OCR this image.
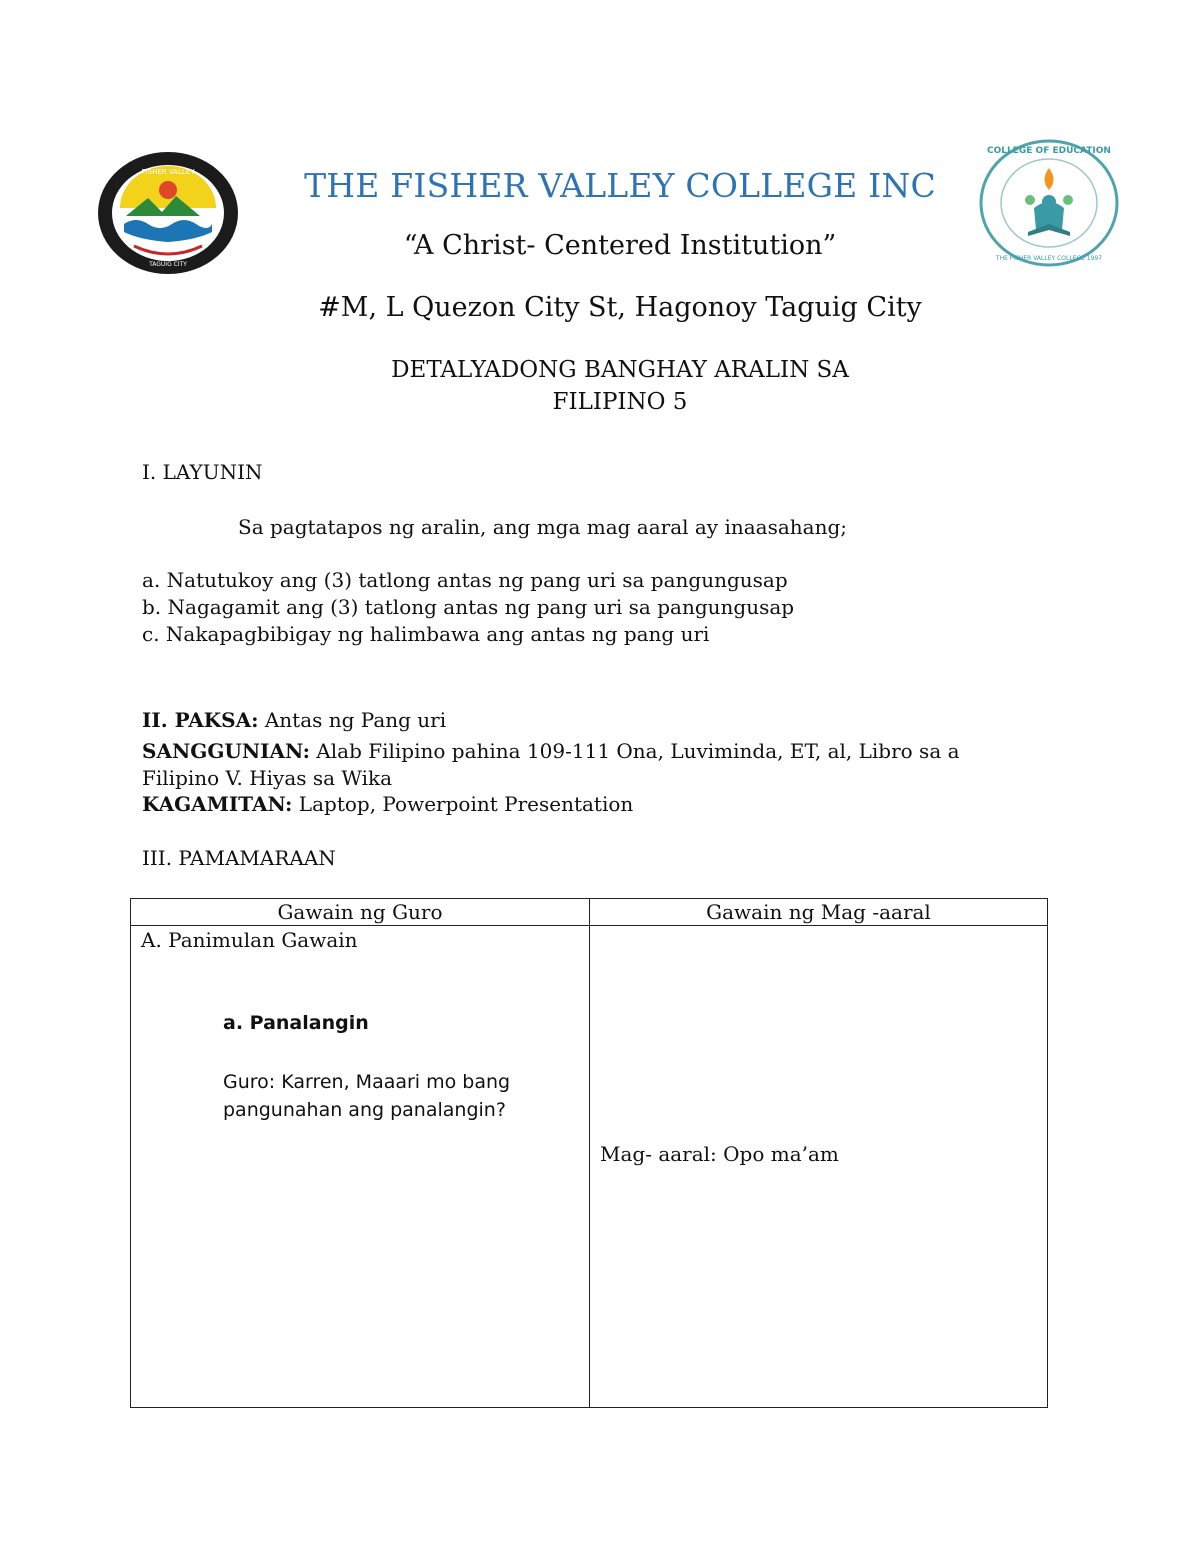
FISHER VALLEY
TAGUIG CITY
COLLEGE OF EDUCATION
THE FISHER VALLEY COLLEGE 1997
THE FISHER VALLEY COLLEGE INC
“A Christ- Centered Institution”
#M, L Quezon City St, Hagonoy Taguig City
DETALYADONG BANGHAY ARALIN SA
FILIPINO 5
I. LAYUNIN
Sa pagtatapos ng aralin, ang mga mag aaral ay inaasahang;
a. Natutukoy ang (3) tatlong antas ng pang uri sa pangungusap
b. Nagagamit ang (3) tatlong antas ng pang uri sa pangungusap
c. Nakapagbibigay ng halimbawa ang antas ng pang uri
II. PAKSA: Antas ng Pang uri
SANGGUNIAN: Alab Filipino pahina 109-111 Ona, Luviminda, ET, al, Libro sa a Filipino V. Hiyas sa Wika
KAGAMITAN: Laptop, Powerpoint Presentation
III. PAMAMARAAN
Gawain ng Guro	Gawain ng Mag -aaral

A. Panimulan Gawain
a. Panalangin
Guro: Karren, Maaari mo bang
pangunahan ang panalangin?	Mag- aaral: Opo ma’am
